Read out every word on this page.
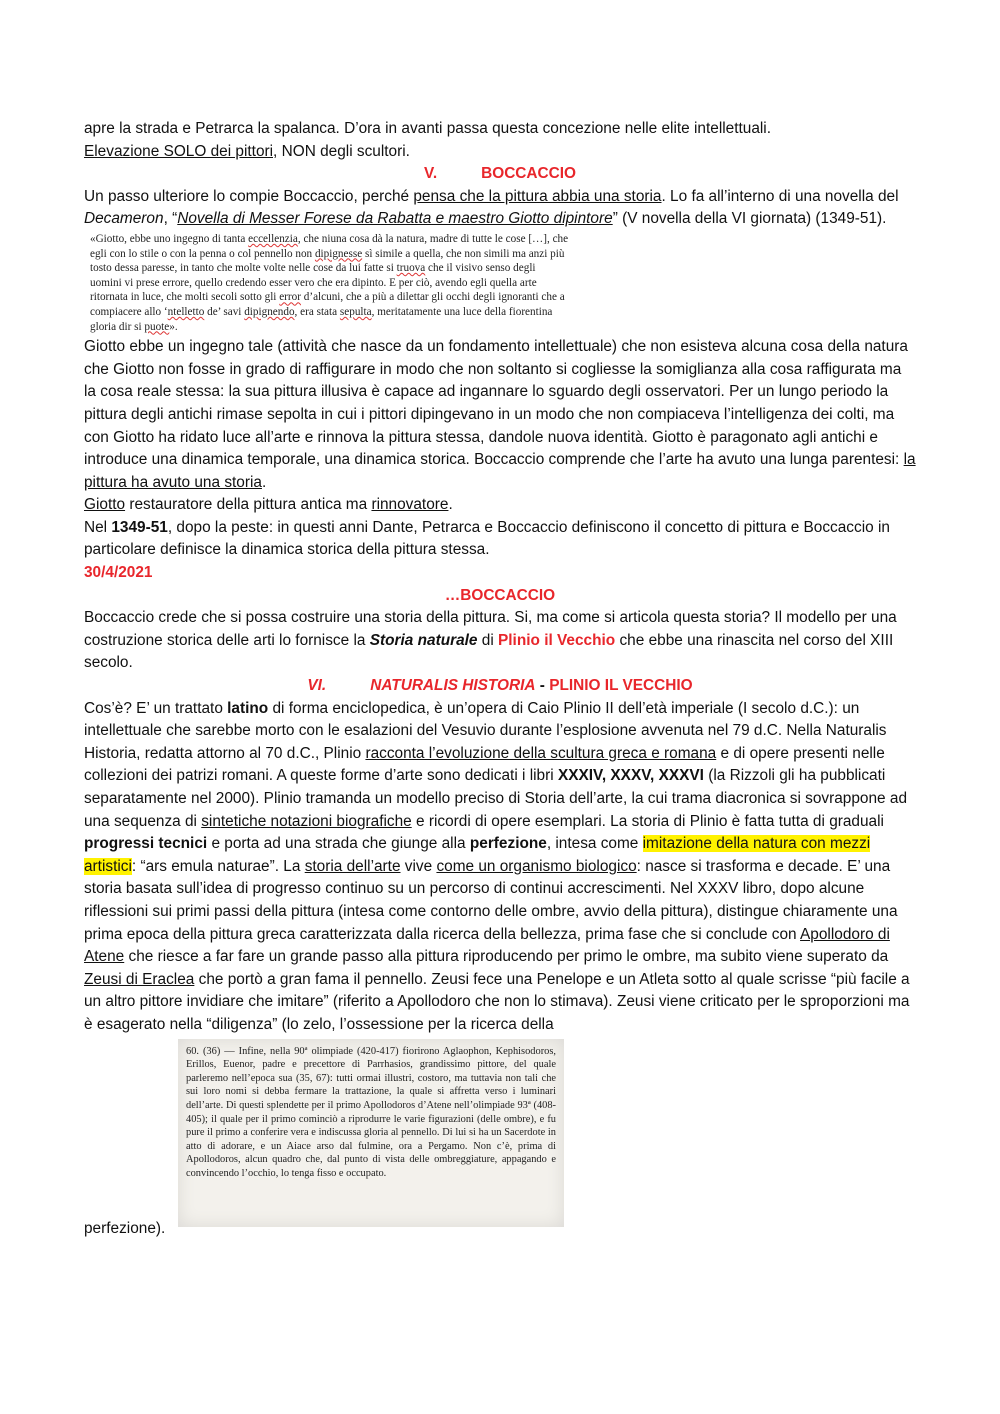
apre la strada e Petrarca la spalanca. D’ora in avanti passa questa concezione nelle elite intellettuali.
Elevazione SOLO dei pittori, NON degli scultori.

V.	BOCCACCIO

Un passo ulteriore lo compie Boccaccio, perché pensa che la pittura abbia una storia. Lo fa all’interno di una novella del Decameron, “Novella di Messer Forese da Rabatta e maestro Giotto dipintore” (V novella della VI giornata) (1349-51).

«Giotto, ebbe uno ingegno di tanta eccellenzia, che niuna cosa dà la natura, madre di tutte le cose […], che egli con lo stile o con la penna o col pennello non dipignesse sì simile a quella, che non simili ma anzi più tosto dessa paresse, in tanto che molte volte nelle cose da lui fatte si truova che il visivo senso degli uomini vi prese errore, quello credendo esser vero che era dipinto. E per ciò, avendo egli quella arte ritornata in luce, che molti secoli sotto gli error d’alcuni, che a più a dilettar gli occhi degli ignoranti che a compiacere allo ‘ntelletto de’ savi dipignendo, era stata sepulta, meritatamente una luce della fiorentina gloria dir si puote».

Giotto ebbe un ingegno tale (attività che nasce da un fondamento intellettuale) che non esisteva alcuna cosa della natura che Giotto non fosse in grado di raffigurare in modo che non soltanto si cogliesse la somiglianza alla cosa raffigurata ma la cosa reale stessa: la sua pittura illusiva è capace ad ingannare lo sguardo degli osservatori. Per un lungo periodo la pittura degli antichi rimase sepolta in cui i pittori dipingevano in un modo che non compiaceva l’intelligenza dei colti, ma con Giotto ha ridato luce all’arte e rinnova la pittura stessa, dandole nuova identità. Giotto è paragonato agli antichi e introduce una dinamica temporale, una dinamica storica. Boccaccio comprende che l’arte ha avuto una lunga parentesi: la pittura ha avuto una storia.

Giotto restauratore della pittura antica ma rinnovatore.

Nel 1349-51, dopo la peste: in questi anni Dante, Petrarca e Boccaccio definiscono il concetto di pittura e Boccaccio in particolare definisce la dinamica storica della pittura stessa.

30/4/2021

…BOCCACCIO

Boccaccio crede che si possa costruire una storia della pittura. Si, ma come si articola questa storia? Il modello per una costruzione storica delle arti lo fornisce la Storia naturale di Plinio il Vecchio che ebbe una rinascita nel corso del XIII secolo.

VI.	NATURALIS HISTORIA - PLINIO IL VECCHIO

Cos’è? E’ un trattato latino di forma enciclopedica, è un’opera di Caio Plinio II dell’età imperiale (I secolo d.C.): un intellettuale che sarebbe morto con le esalazioni del Vesuvio durante l’esplosione avvenuta nel 79 d.C. Nella Naturalis Historia, redatta attorno al 70 d.C., Plinio racconta l’evoluzione della scultura greca e romana e di opere presenti nelle collezioni dei patrizi romani. A queste forme d’arte sono dedicati i libri XXXIV, XXXV, XXXVI (la Rizzoli gli ha pubblicati separatamente nel 2000). Plinio tramanda un modello preciso di Storia dell’arte, la cui trama diacronica si sovrappone ad una sequenza di sintetiche notazioni biografiche e ricordi di opere esemplari. La storia di Plinio è fatta tutta di graduali progressi tecnici e porta ad una strada che giunge alla perfezione, intesa come imitazione della natura con mezzi artistici: “ars emula naturae”. La storia dell’arte vive come un organismo biologico: nasce si trasforma e decade. E’ una storia basata sull’idea di progresso continuo su un percorso di continui accrescimenti. Nel XXXV libro, dopo alcune riflessioni sui primi passi della pittura (intesa come contorno delle ombre, avvio della pittura), distingue chiaramente una prima epoca della pittura greca caratterizzata dalla ricerca della bellezza, prima fase che si conclude con Apollodoro di Atene che riesce a far fare un grande passo alla pittura riproducendo per primo le ombre, ma subito viene superato da Zeusi di Eraclea che portò a gran fama il pennello. Zeusi fece una Penelope e un Atleta sotto al quale scrisse “più facile a un altro pittore invidiare che imitare” (riferito a Apollodoro che non lo stimava). Zeusi viene criticato per le sproporzioni ma è esagerato nella “diligenza” (lo zelo, l’ossessione per la ricerca della

perfezione).
60. (36) — Infine, nella 90ª olimpiade (420-417) fiorirono Aglaophon, Kephisodoros, Erillos, Euenor, padre e precettore di Parrhasios, grandissimo pittore, del quale parleremo nell’epoca sua (35, 67): tutti ormai illustri, costoro, ma tuttavia non tali che sui loro nomi si debba fermare la trattazione, la quale si affretta verso i luminari dell’arte. Di questi splendette per il primo Apollodoros d’Atene nell’olimpiade 93ª (408-405); il quale per il primo cominciò a riprodurre le varie figurazioni (delle ombre), e fu pure il primo a conferire vera e indiscussa gloria al pennello. Di lui si ha un Sacerdote in atto di adorare, e un Aiace arso dal fulmine, ora a Pergamo. Non c’è, prima di Apollodoros, alcun quadro che, dal punto di vista delle ombreggiature, appagando e convincendo l’occhio, lo tenga fisso e occupato.
